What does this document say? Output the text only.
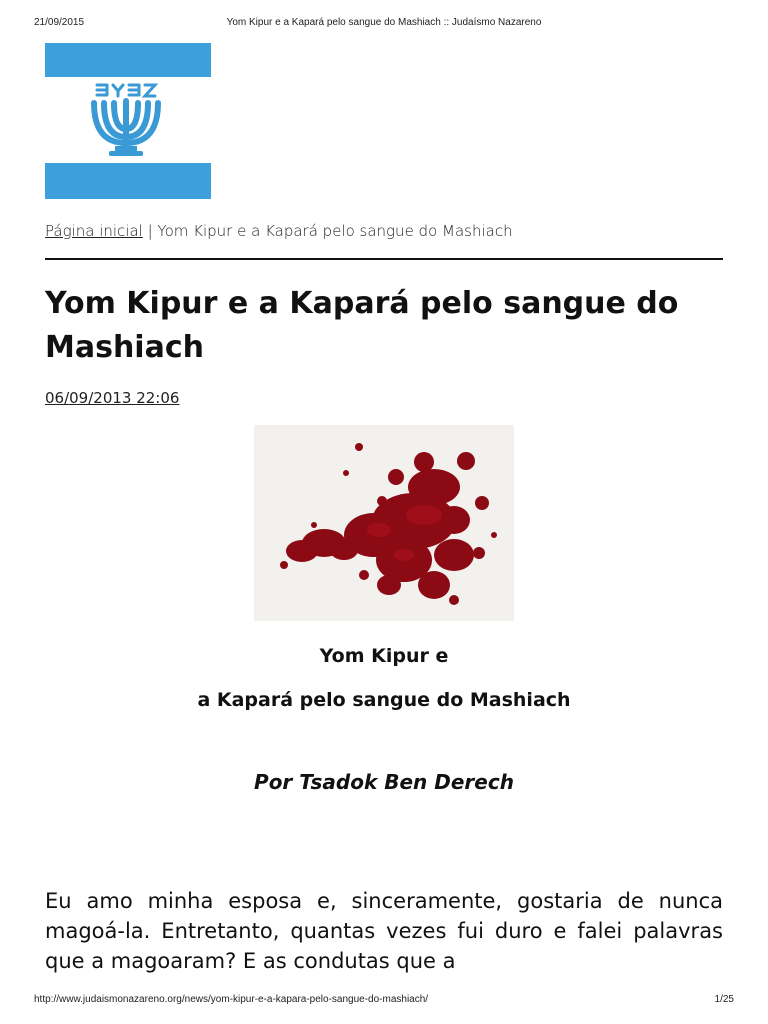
21/09/2015	Yom Kipur e a Kapará pelo sangue do Mashiach :: Judaísmo Nazareno
Página inicial | Yom Kipur e a Kapará pelo sangue do Mashiach
Yom Kipur e a Kapará pelo sangue do Mashiach
06/09/2013 22:06
Yom Kipur e
a Kapará pelo sangue do Mashiach

Por Tsadok Ben Derech

Eu amo minha esposa e, sinceramente, gostaria de nunca magoá-la. Entretanto, quantas vezes fui duro e falei palavras que a magoaram? E as condutas que a

http://www.judaismonazareno.org/news/yom-kipur-e-a-kapara-pelo-sangue-do-mashiach/	1/25
